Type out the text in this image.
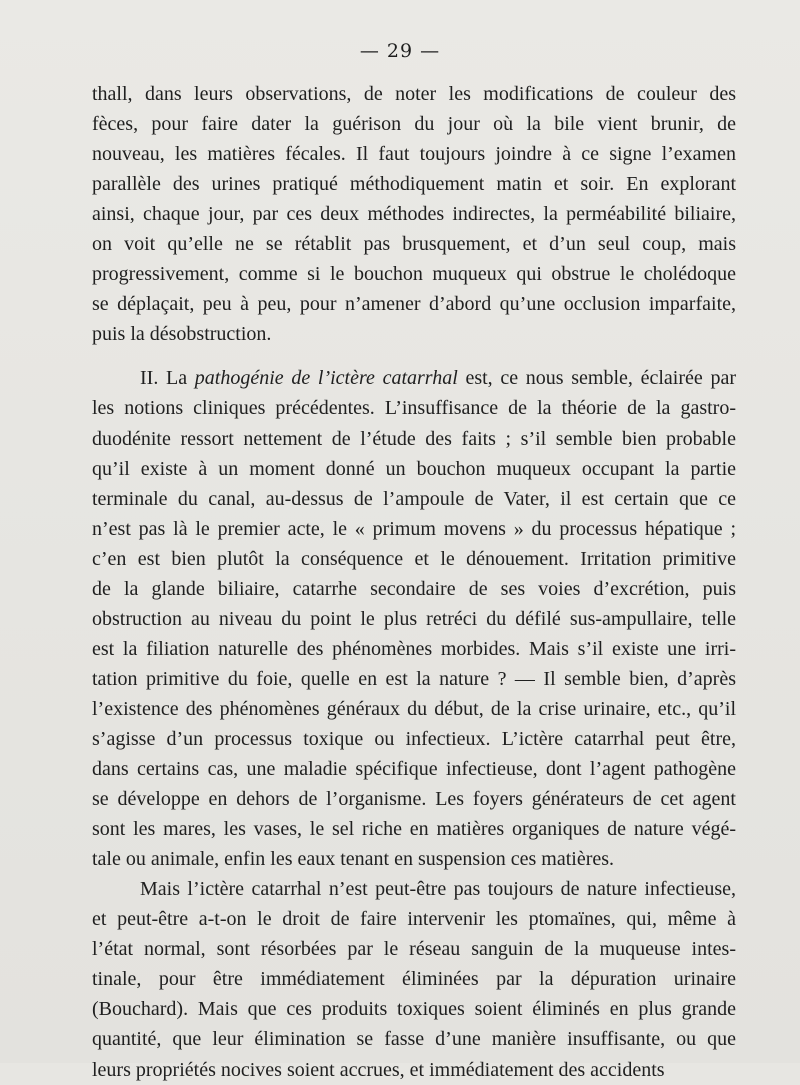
— 29 —

thall, dans leurs observations, de noter les modifications de couleur des
fèces, pour faire dater la guérison du jour où la bile vient brunir, de
nouveau, les matières fécales. Il faut toujours joindre à ce signe l’examen
parallèle des urines pratiqué méthodiquement matin et soir. En explorant
ainsi, chaque jour, par ces deux méthodes indirectes, la perméabilité biliaire,
on voit qu’elle ne se rétablit pas brusquement, et d’un seul coup, mais
progressivement, comme si le bouchon muqueux qui obstrue le cholédoque
se déplaçait, peu à peu, pour n’amener d’abord qu’une occlusion imparfaite,
puis la désobstruction.

II. La pathogénie de l’ictère catarrhal est, ce nous semble, éclairée par
les notions cliniques précédentes. L’insuffisance de la théorie de la gastro-
duodénite ressort nettement de l’étude des faits ; s’il semble bien probable
qu’il existe à un moment donné un bouchon muqueux occupant la partie
terminale du canal, au-dessus de l’ampoule de Vater, il est certain que ce
n’est pas là le premier acte, le « primum movens » du processus hépatique ;
c’en est bien plutôt la conséquence et le dénouement. Irritation primitive
de la glande biliaire, catarrhe secondaire de ses voies d’excrétion, puis
obstruction au niveau du point le plus retréci du défilé sus-ampullaire, telle
est la filiation naturelle des phénomènes morbides. Mais s’il existe une irri-
tation primitive du foie, quelle en est la nature ? — Il semble bien, d’après
l’existence des phénomènes généraux du début, de la crise urinaire, etc., qu’il
s’agisse d’un processus toxique ou infectieux. L’ictère catarrhal peut être,
dans certains cas, une maladie spécifique infectieuse, dont l’agent pathogène
se développe en dehors de l’organisme. Les foyers générateurs de cet agent
sont les mares, les vases, le sel riche en matières organiques de nature végé-
tale ou animale, enfin les eaux tenant en suspension ces matières.

Mais l’ictère catarrhal n’est peut-être pas toujours de nature infectieuse,
et peut-être a-t-on le droit de faire intervenir les ptomaïnes, qui, même à
l’état normal, sont résorbées par le réseau sanguin de la muqueuse intes-
tinale, pour être immédiatement éliminées par la dépuration urinaire
(Bouchard). Mais que ces produits toxiques soient éliminés en plus grande
quantité, que leur élimination se fasse d’une manière insuffisante, ou que
leurs propriétés nocives soient accrues, et immédiatement des accidents
